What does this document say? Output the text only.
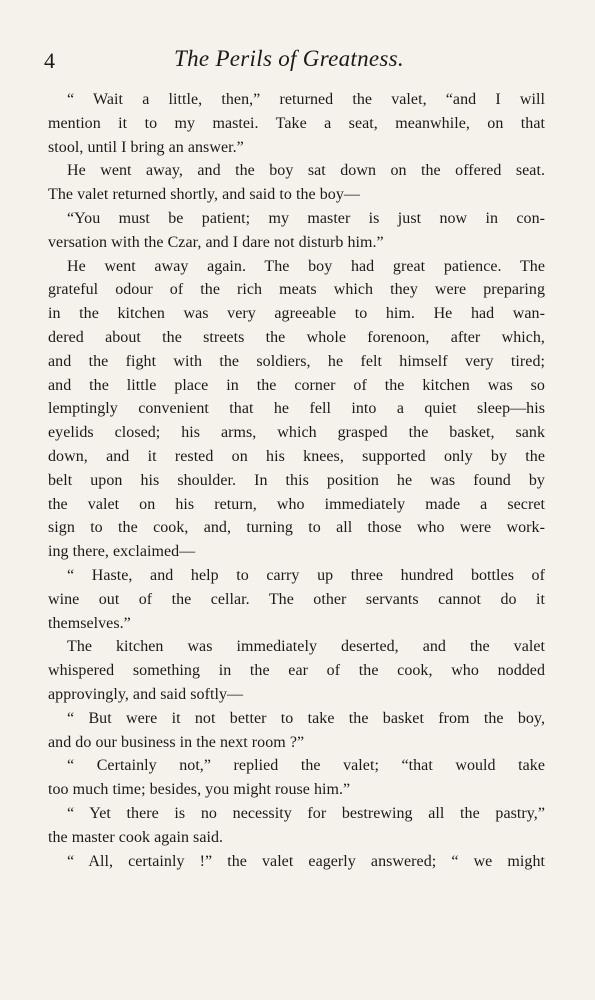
4	The Perils of Greatness.
“ Wait a little, then,” returned the valet, “and I will
mention it to my mastei. Take a seat, meanwhile, on that
stool, until I bring an answer.”
He went away, and the boy sat down on the offered seat.
The valet returned shortly, and said to the boy—
“You must be patient; my master is just now in con-
versation with the Czar, and I dare not disturb him.”
He went away again. The boy had great patience. The
grateful odour of the rich meats which they were preparing
in the kitchen was very agreeable to him. He had wan-
dered about the streets the whole forenoon, after which,
and the fight with the soldiers, he felt himself very tired;
and the little place in the corner of the kitchen was so
lemptingly convenient that he fell into a quiet sleep—his
eyelids closed; his arms, which grasped the basket, sank
down, and it rested on his knees, supported only by the
belt upon his shoulder. In this position he was found by
the valet on his return, who immediately made a secret
sign to the cook, and, turning to all those who were work-
ing there, exclaimed—
“ Haste, and help to carry up three hundred bottles of
wine out of the cellar. The other servants cannot do it
themselves.”
The kitchen was immediately deserted, and the valet
whispered something in the ear of the cook, who nodded
approvingly, and said softly—
“ But were it not better to take the basket from the boy,
and do our business in the next room ?”
“ Certainly not,” replied the valet; “that would take
too much time; besides, you might rouse him.”
“ Yet there is no necessity for bestrewing all the pastry,”
the master cook again said.
“ All, certainly !” the valet eagerly answered; “ we might
